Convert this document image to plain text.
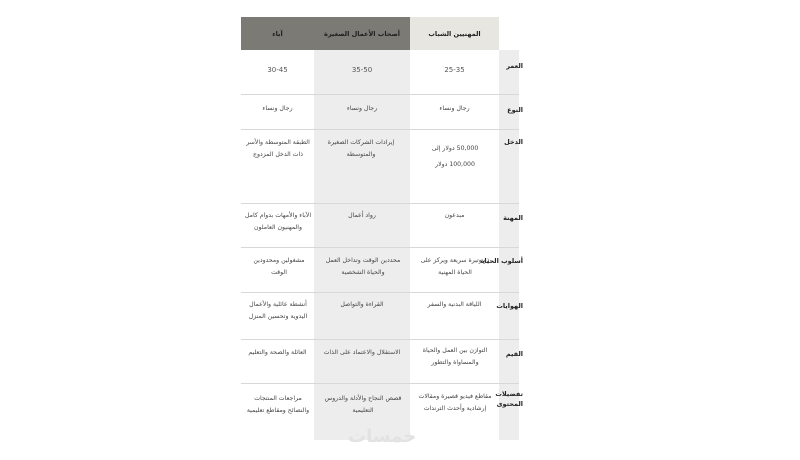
المهنيين الشباب
أصحاب الأعمال الصغيرة
آباء
العمر
النوع
الدخل
المهنة
أسلوب الحياة
الهوايات
القيم
تفضيلات المحتوى
25-35
35-50
30-45
رجال ونساء
رجال ونساء
رجال ونساء
50,000 دولار إلى 100,000 دولار
إيرادات الشركات الصغيرة والمتوسطة
الطبقة المتوسطة والأسر ذات الدخل المزدوج
مبدعون
رواد أعمال
الآباء والأمهات بدوام كامل والمهنيون العاملون
ذو وتيرة سريعة ويركز على الحياة المهنية
محددين الوقت وتداخل العمل والحياة الشخصية
مشغولين ومحدودين الوقت
اللياقة البدنية والسفر
القراءة والتواصل
أنشطة عائلية والأعمال اليدوية وتحسين المنزل
التوازن بين العمل والحياة والمساواة والتطور
الاستقلال والاعتماد على الذات
العائلة والصحة والتعليم
مقاطع فيديو قصيرة ومقالات إرشادية وأحدث الترندات
قصص النجاح والأدلة والدروس التعليمية
مراجعات المنتجات والنصائح ومقاطع تعليمية
خمسات
